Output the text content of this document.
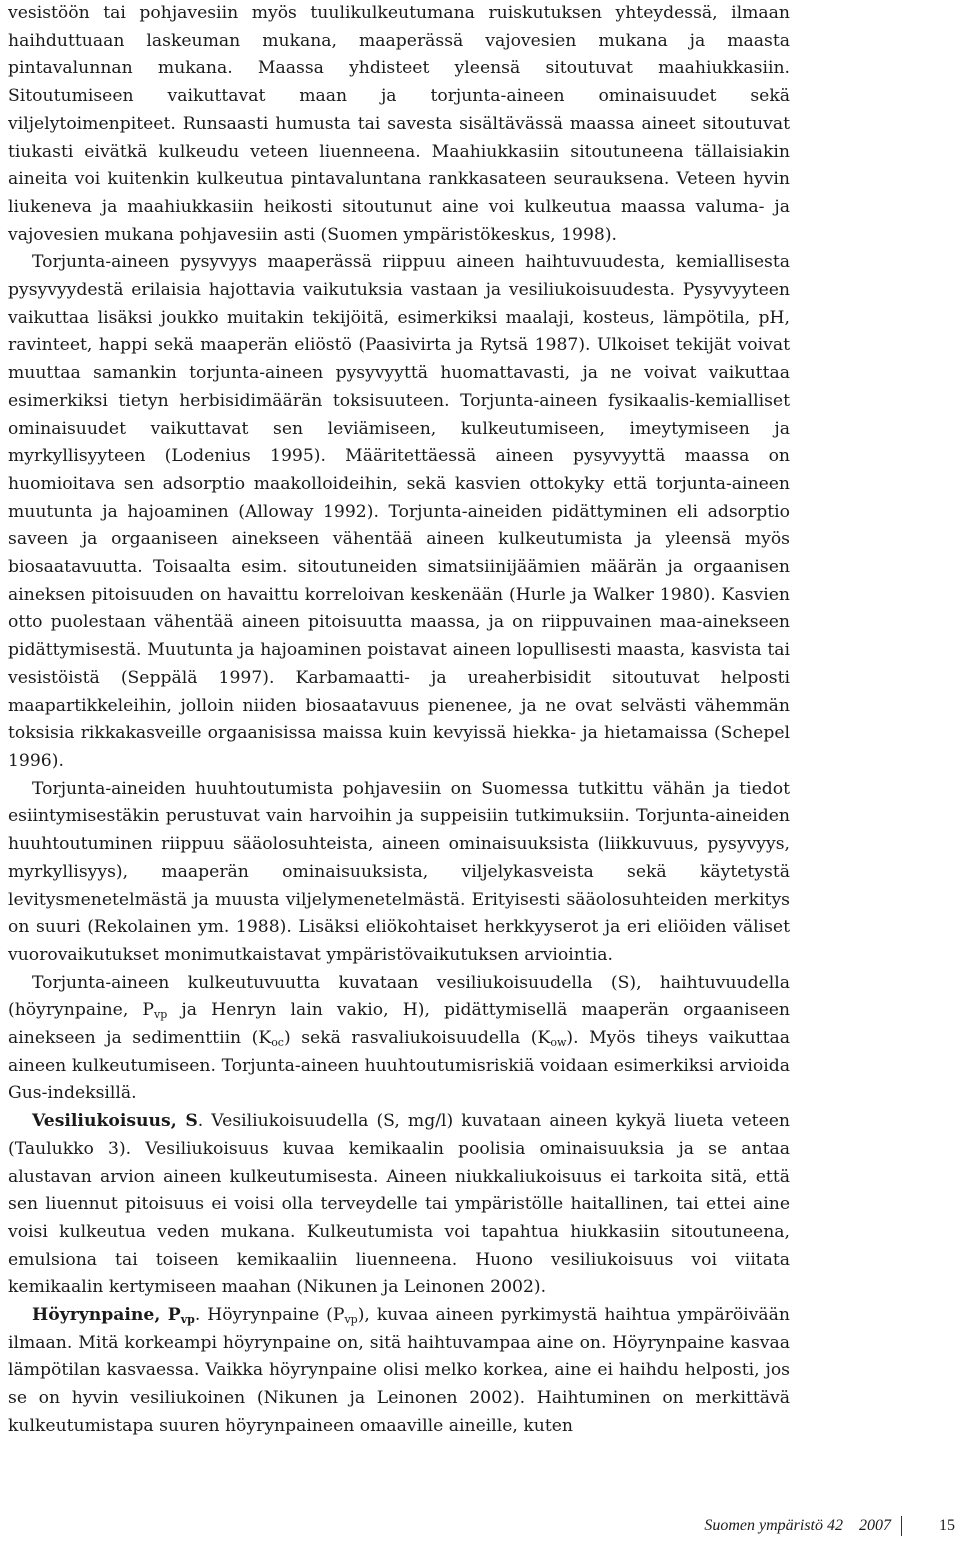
vesistöön tai pohjavesiin myös tuulikulkeutumana ruiskutuksen yhteydessä, ilmaan haihduttuaan laskeuman mukana, maaperässä vajovesien mukana ja maasta pintavalunnan mukana. Maassa yhdisteet yleensä sitoutuvat maahiukkasiin. Sitoutumiseen vaikuttavat maan ja torjunta-aineen ominaisuudet sekä viljelytoimenpiteet. Runsaasti humusta tai savesta sisältävässä maassa aineet sitoutuvat tiukasti eivätkä kulkeudu veteen liuenneena. Maahiukkasiin sitoutuneena tällaisiakin aineita voi kuitenkin kulkeutua pintavaluntana rankkasateen seurauksena. Veteen hyvin liukeneva ja maahiukkasiin heikosti sitoutunut aine voi kulkeutua maassa valuma- ja vajovesien mukana pohjavesiin asti (Suomen ympäristökeskus, 1998).

Torjunta-aineen pysyvyys maaperässä riippuu aineen haihtuvuudesta, kemiallisesta pysyvyydestä erilaisia hajottavia vaikutuksia vastaan ja vesiliukoisuudesta. Pysyvyyteen vaikuttaa lisäksi joukko muitakin tekijöitä, esimerkiksi maalaji, kosteus, lämpötila, pH, ravinteet, happi sekä maaperän eliöstö (Paasivirta ja Rytsä 1987). Ulkoiset tekijät voivat muuttaa samankin torjunta-aineen pysyvyyttä huomattavasti, ja ne voivat vaikuttaa esimerkiksi tietyn herbisidimäärän toksisuuteen. Torjunta-aineen fysikaalis-kemialliset ominaisuudet vaikuttavat sen leviämiseen, kulkeutumiseen, imeytymiseen ja myrkyllisyyteen (Lodenius 1995). Määritettäessä aineen pysyvyyttä maassa on huomioitava sen adsorptio maakolloideihin, sekä kasvien ottokyky että torjunta-aineen muutunta ja hajoaminen (Alloway 1992). Torjunta-aineiden pidättyminen eli adsorptio saveen ja orgaaniseen ainekseen vähentää aineen kulkeutumista ja yleensä myös biosaatavuutta. Toisaalta esim. sitoutuneiden simatsiinijäämien määrän ja orgaanisen aineksen pitoisuuden on havaittu korreloivan keskenään (Hurle ja Walker 1980). Kasvien otto puolestaan vähentää aineen pitoisuutta maassa, ja on riippuvainen maa-ainekseen pidättymisestä. Muutunta ja hajoaminen poistavat aineen lopullisesti maasta, kasvista tai vesistöistä (Seppälä 1997). Karbamaatti- ja ureaherbisidit sitoutuvat helposti maapartikkeleihin, jolloin niiden biosaatavuus pienenee, ja ne ovat selvästi vähemmän toksisia rikkakasveille orgaanisissa maissa kuin kevyissä hiekka- ja hietamaissa (Schepel 1996).

Torjunta-aineiden huuhtoutumista pohjavesiin on Suomessa tutkittu vähän ja tiedot esiintymisestäkin perustuvat vain harvoihin ja suppeisiin tutkimuksiin. Torjunta-aineiden huuhtoutuminen riippuu sääolosuhteista, aineen ominaisuuksista (liikkuvuus, pysyvyys, myrkyllisyys), maaperän ominaisuuksista, viljelykasveista sekä käytetystä levitysmenetelmästä ja muusta viljelymenetelmästä. Erityisesti sääolosuhteiden merkitys on suuri (Rekolainen ym. 1988). Lisäksi eliökohtaiset herkkyyserot ja eri eliöiden väliset vuorovaikutukset monimutkaistavat ympäristövaikutuksen arviointia.

Torjunta-aineen kulkeutuvuutta kuvataan vesiliukoisuudella (S), haihtuvuudella (höyrynpaine, $P_{vp}$ ja Henryn lain vakio, H), pidättymisellä maaperän orgaaniseen ainekseen ja sedimenttiin $(K_{oc})$ sekä rasvaliukoisuudella $(K_{ow})$. Myös tiheys vaikuttaa aineen kulkeutumiseen. Torjunta-aineen huuhtoutumisriskiä voidaan esimerkiksi arvioida Gus-indeksillä.

Vesiliukoisuus, S. Vesiliukoisuudella (S, mg/l) kuvataan aineen kykyä liueta veteen (Taulukko 3). Vesiliukoisuus kuvaa kemikaalin poolisia ominaisuuksia ja se antaa alustavan arvion aineen kulkeutumisesta. Aineen niukkaliukoisuus ei tarkoita sitä, että sen liuennut pitoisuus ei voisi olla terveydelle tai ympäristölle haitallinen, tai ettei aine voisi kulkeutua veden mukana. Kulkeutumista voi tapahtua hiukkasiin sitoutuneena, emulsiona tai toiseen kemikaaliin liuenneena. Huono vesiliukoisuus voi viitata kemikaalin kertymiseen maahan (Nikunen ja Leinonen 2002).

Höyrynpaine, $P_{vp}$. Höyrynpaine $(P_{vp})$, kuvaa aineen pyrkimystä haihtua ympäröivään ilmaan. Mitä korkeampi höyrynpaine on, sitä haihtuvampaa aine on. Höyrynpaine kasvaa lämpötilan kasvaessa. Vaikka höyrynpaine olisi melko korkea, aine ei haihdu helposti, jos se on hyvin vesiliukoinen (Nikunen ja Leinonen 2002). Haihtuminen on merkittävä kulkeutumistapa suuren höyrynpaineen omaaville aineille, kuten

Suomen ympäristö 42  2007	15
